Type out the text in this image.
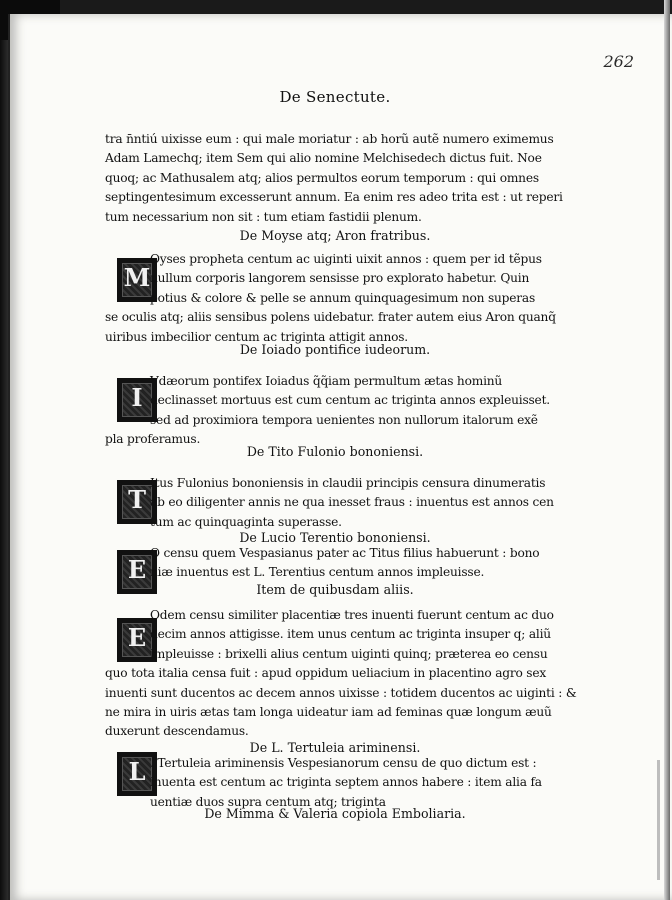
262
De Senectute.
tra n̄ntiú uixisse eum : qui male moriatur : ab horũ autẽ numero eximemus
Adam Lamechq; item Sem qui alio nomine Melchisedech dictus fuit. Noe
quoq; ac Mathusalem atq; alios permultos eorum temporum : qui omnes
septingentesimum excesserunt annum. Ea enim res adeo trita est : ut reperi
tum necessarium non sit : tum etiam fastidii plenum.
De Moyse atq; Aron fratribus.
M
Oyses propheta centum ac uiginti uixit annos : quem per id tẽpus
nullum corporis langorem sensisse pro explorato habetur. Quin
potius & colore & pelle se annum quinquagesimum non superas
se oculis atq; aliis sensibus polens uidebatur. frater autem eius Aron quanq̃
uiribus imbecilior centum ac triginta attigit annos.
De Ioiado pontifice iudeorum.
I
Vdæorum pontifex Ioiadus q̃q̃iam permultum ætas hominũ
declinasset mortuus est cum centum ac triginta annos expleuisset.
sed ad proximiora tempora uenientes non nullorum italorum exẽ
pla proferamus.
De Tito Fulonio bononiensi.
T
Itus Fulonius bononiensis in claudii principis censura dinumeratis
ab eo diligenter annis ne qua inesset fraus : inuentus est annos cen
tum ac quinquaginta superasse.
De Lucio Terentio bononiensi.
E
O censu quem Vespasianus pater ac Titus filius habuerunt : bono
niæ inuentus est L. Terentius centum annos impleuisse.
Item de quibusdam aliis.
E
Odem censu similiter placentiæ tres inuenti fuerunt centum ac duo
decim annos attigisse. item unus centum ac triginta insuper q; aliũ
impleuisse : brixelli alius centum uiginti quinq; præterea eo censu
quo tota italia censa fuit : apud oppidum ueliacium in placentino agro sex
inuenti sunt ducentos ac decem annos uixisse : totidem ducentos ac uiginti : &
ne mira in uiris ætas tam longa uideatur iam ad feminas quæ longum æuũ
duxerunt descendamus.
De L. Tertuleia ariminensi.
L . Tertuleia ariminensis Vespesianorum censu de quo dictum est :
inuenta est centum ac triginta septem annos habere : item alia fa
uentiæ duos supra centum atq; triginta
De Mimma & Valeria copiola Emboliaria.
